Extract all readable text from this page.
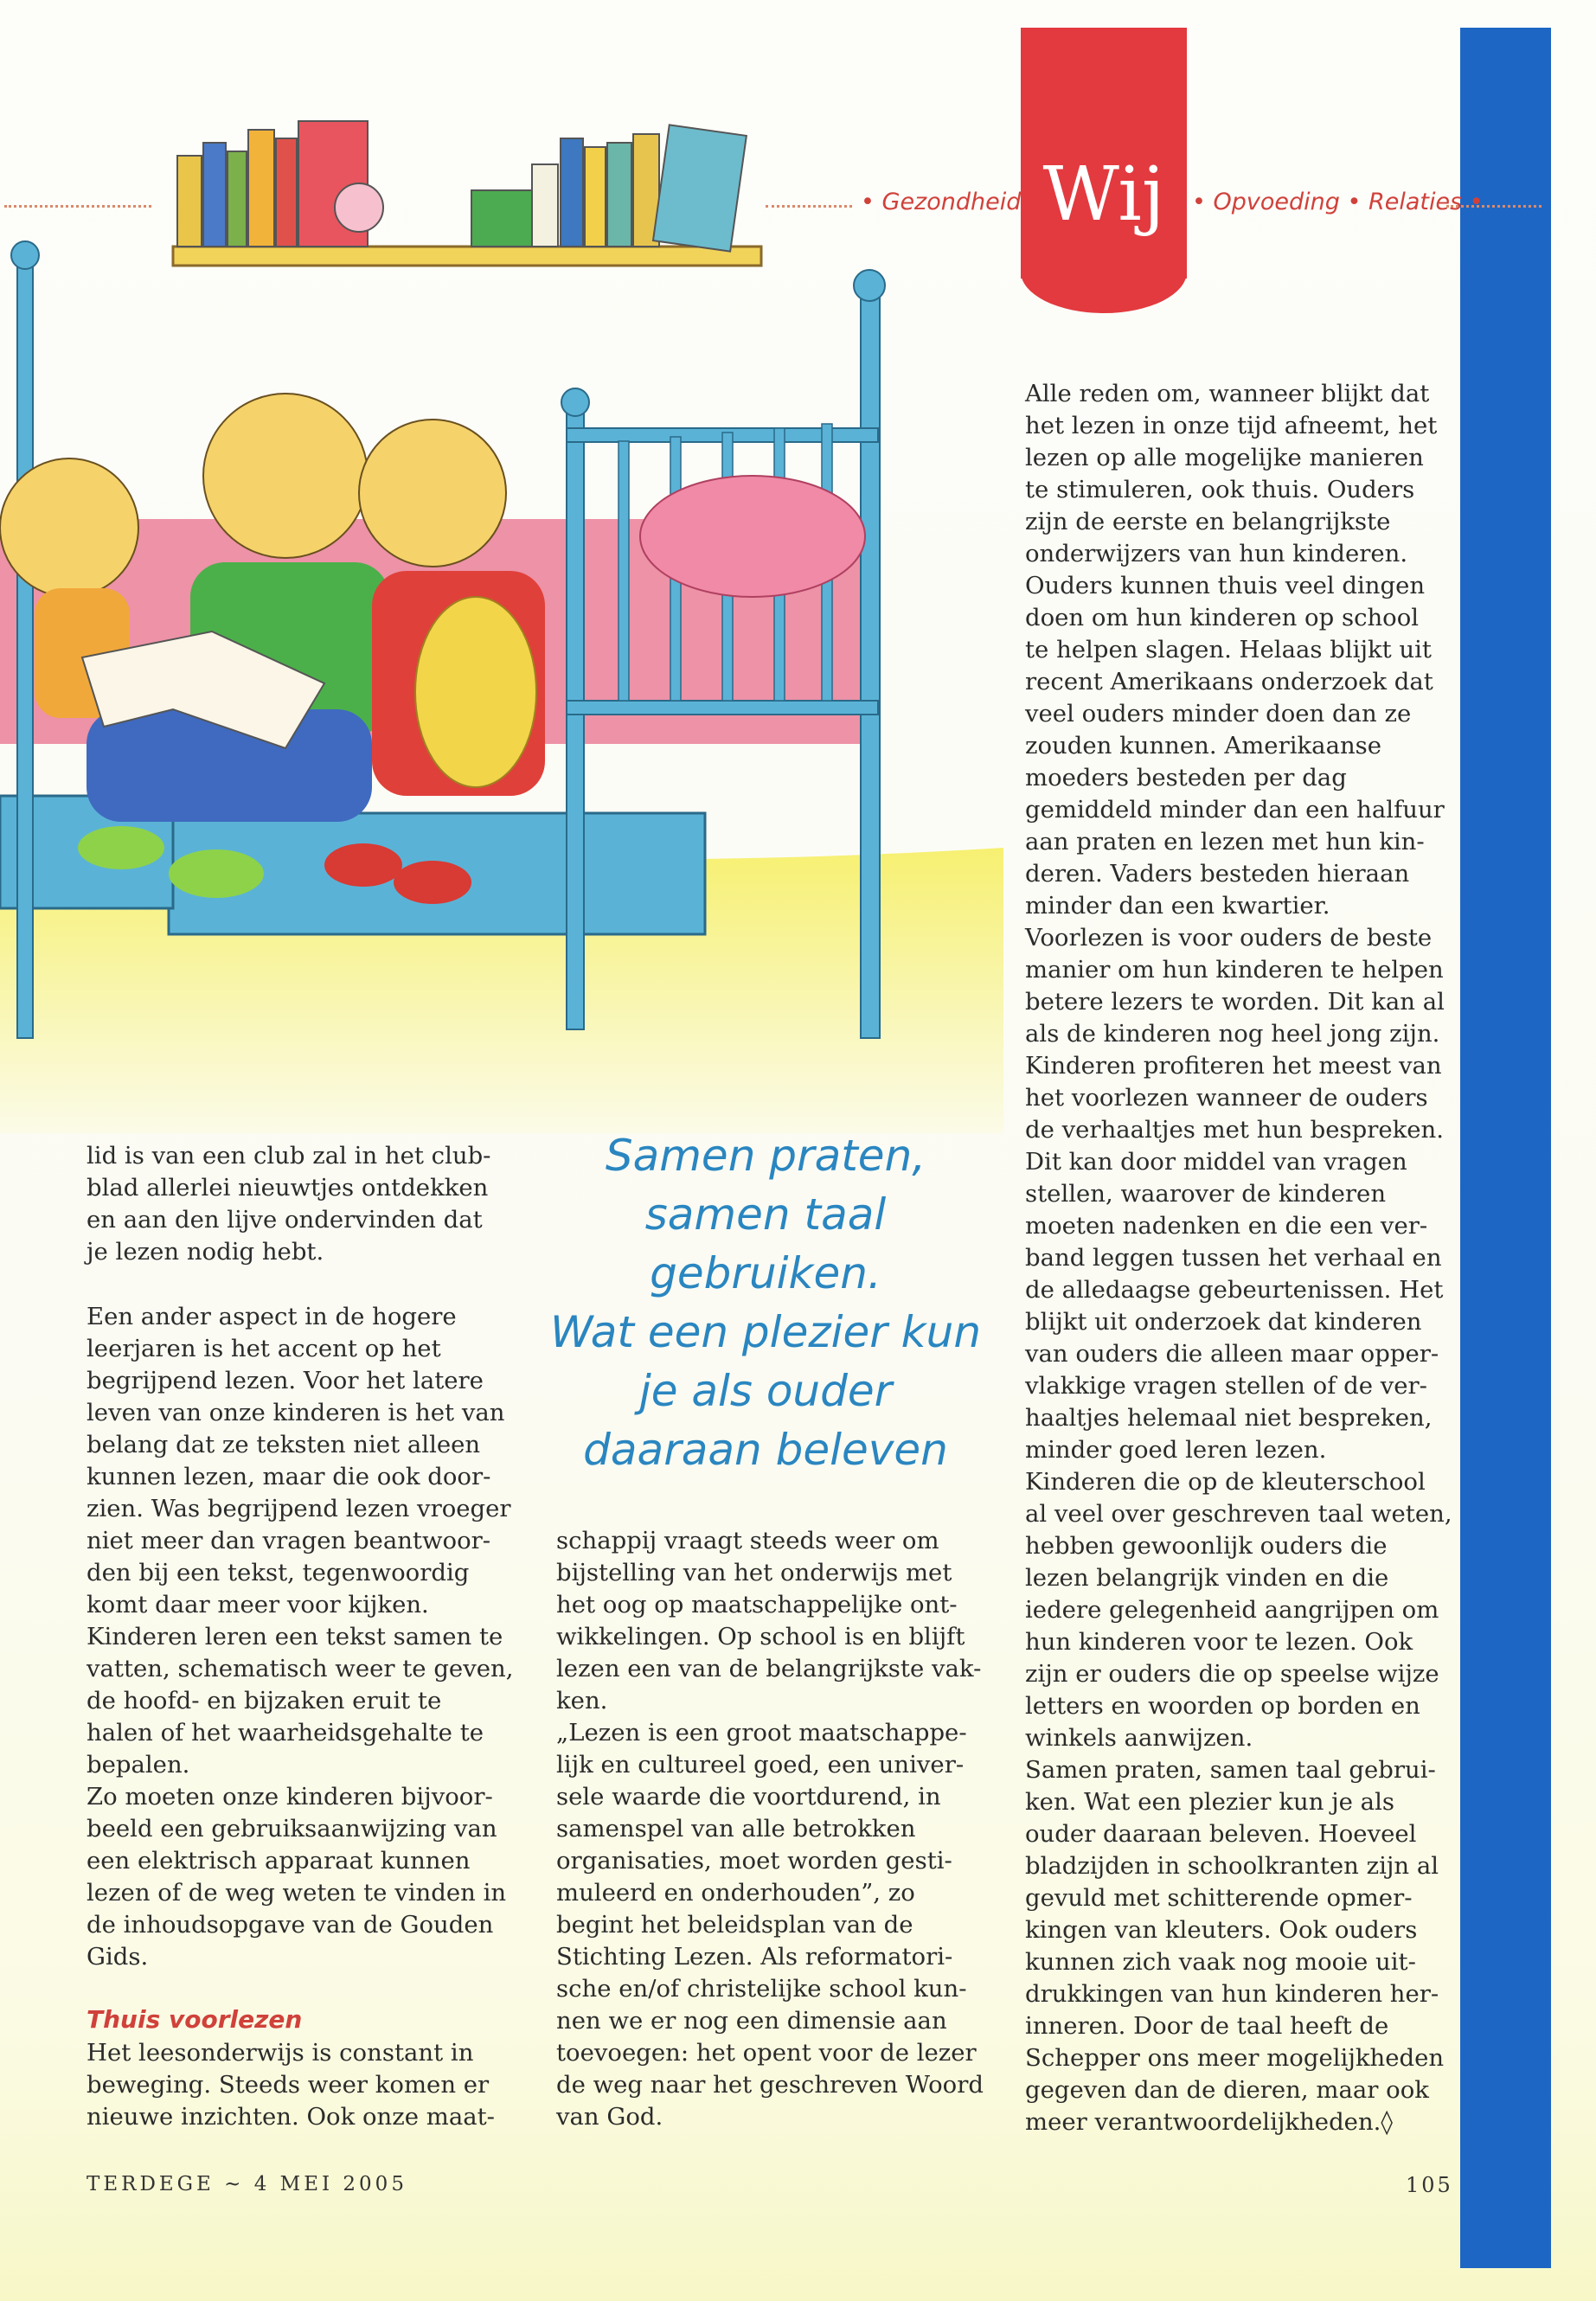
• Gezondheid	• Opvoeding • Relaties •
Wij
Samen praten,
samen taal
gebruiken.
Wat een plezier kun
je als ouder
daaraan beleven
lid is van een club zal in het club-
blad allerlei nieuwtjes ontdekken
en aan den lijve ondervinden dat
je lezen nodig hebt.
Een ander aspect in de hogere
leerjaren is het accent op het
begrijpend lezen. Voor het latere
leven van onze kinderen is het van
belang dat ze teksten niet alleen
kunnen lezen, maar die ook door-
zien. Was begrijpend lezen vroeger
niet meer dan vragen beantwoor-
den bij een tekst, tegenwoordig
komt daar meer voor kijken.
Kinderen leren een tekst samen te
vatten, schematisch weer te geven,
de hoofd- en bijzaken eruit te
halen of het waarheidsgehalte te
bepalen.
Zo moeten onze kinderen bijvoor-
beeld een gebruiksaanwijzing van
een elektrisch apparaat kunnen
lezen of de weg weten te vinden in
de inhoudsopgave van de Gouden
Gids.
Thuis voorlezen
Het leesonderwijs is constant in
beweging. Steeds weer komen er
nieuwe inzichten. Ook onze maat-
schappij vraagt steeds weer om
bijstelling van het onderwijs met
het oog op maatschappelijke ont-
wikkelingen. Op school is en blijft
lezen een van de belangrijkste vak-
ken.
„Lezen is een groot maatschappe-
lijk en cultureel goed, een univer-
sele waarde die voortdurend, in
samenspel van alle betrokken
organisaties, moet worden gesti-
muleerd en onderhouden”, zo
begint het beleidsplan van de
Stichting Lezen. Als reformatori-
sche en/of christelijke school kun-
nen we er nog een dimensie aan
toevoegen: het opent voor de lezer
de weg naar het geschreven Woord
van God.
Alle reden om, wanneer blijkt dat
het lezen in onze tijd afneemt, het
lezen op alle mogelijke manieren
te stimuleren, ook thuis. Ouders
zijn de eerste en belangrijkste
onderwijzers van hun kinderen.
Ouders kunnen thuis veel dingen
doen om hun kinderen op school
te helpen slagen. Helaas blijkt uit
recent Amerikaans onderzoek dat
veel ouders minder doen dan ze
zouden kunnen. Amerikaanse
moeders besteden per dag
gemiddeld minder dan een halfuur
aan praten en lezen met hun kin-
deren. Vaders besteden hieraan
minder dan een kwartier.
Voorlezen is voor ouders de beste
manier om hun kinderen te helpen
betere lezers te worden. Dit kan al
als de kinderen nog heel jong zijn.
Kinderen profiteren het meest van
het voorlezen wanneer de ouders
de verhaaltjes met hun bespreken.
Dit kan door middel van vragen
stellen, waarover de kinderen
moeten nadenken en die een ver-
band leggen tussen het verhaal en
de alledaagse gebeurtenissen. Het
blijkt uit onderzoek dat kinderen
van ouders die alleen maar opper-
vlakkige vragen stellen of de ver-
haaltjes helemaal niet bespreken,
minder goed leren lezen.
Kinderen die op de kleuterschool
al veel over geschreven taal weten,
hebben gewoonlijk ouders die
lezen belangrijk vinden en die
iedere gelegenheid aangrijpen om
hun kinderen voor te lezen. Ook
zijn er ouders die op speelse wijze
letters en woorden op borden en
winkels aanwijzen.
Samen praten, samen taal gebrui-
ken. Wat een plezier kun je als
ouder daaraan beleven. Hoeveel
bladzijden in schoolkranten zijn al
gevuld met schitterende opmer-
kingen van kleuters. Ook ouders
kunnen zich vaak nog mooie uit-
drukkingen van hun kinderen her-
inneren. Door de taal heeft de
Schepper ons meer mogelijkheden
gegeven dan de dieren, maar ook
meer verantwoordelijkheden.◊
TERDEGE ~ 4 MEI 2005	105
